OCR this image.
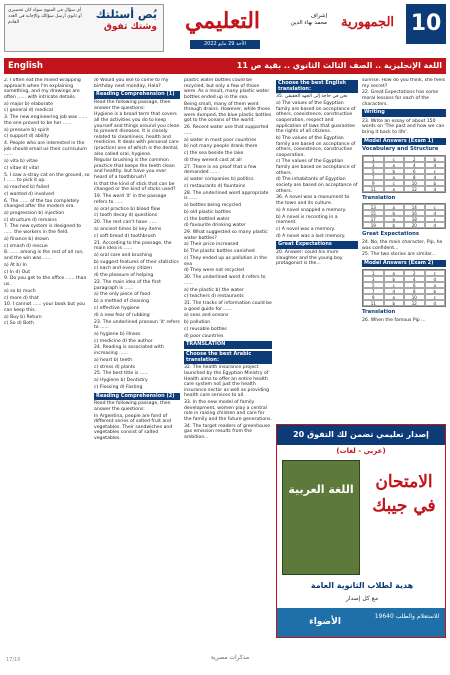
10
الجمهورية
إشراف
محمد بهاء الدين
التعليمي
الأحد 29 مايو 2022
بُص أسئلتك
وشتك تفوق
أي سؤال في المنهج سواء كان تحضيري أو ثانوي أرسل سؤالك والإجابة في العدد القادم
English	اللغة الإنجليزية .. الصف الثالث الثانوي .. بقية ص 11

2. I often eat the mixed wrapping approach when I'm explaining something, and my drawings are often ...... with intricate details.

a) major b) elaborate

c) general d) medical

3. The new engineering job was ...... the one proved to be her ......

a) pressure b) spirit

c) support d) ability

4. People who are interested in the job should email us their curriculum ......

a) vita b) vitae

c) vitae d) vital

5. I saw a stray cat on the ground, so I ...... to pick it up.

a) reached b) failed

c) wanted d) involved

6. The ...... of the tax completely changed after the modern era.

a) progression b) injection

c) structure d) remains

7. The new system is designed to ...... the workers in the field.

a) finance b) drown

c) smash d) rescue

8. ...... among is the rest of all run, and the win was ......

a) At b) In

c) In d) Out

9. Do you get to the office ...... than us.

a) so b) much

c) more d) that

10. I cannot ...... your book but you can keep this.

a) Buy b) Return

c) So d) Both

d) Would you like to come to my birthday next monday, Hala?

Reading Comprehension (1)

Read the following passage, then answer the questions:

Hygiene is a broad term that covers all the activities you do to keep yourself and things around you clean to prevent diseases. It is closely related to cleanliness, health and medicine. It deals with personal care (practice) one of which is the dental, also called oral, hygiene.

Regular brushing is the common practice that keeps the teeth clean and healthy, but have you ever heard of a toothbrush?

Is that the kind of stick that can be changed or the kind of sticks used?

19. The word 'it' in the passage refers to ......

a) oral practice b) blood flow

c) tooth decay d) questions

20. The rest can't have ......

a) ancient times b) key items

c) soft bread d) toothbrush

21. According to the passage, the main idea is ......

a) oral care and brushing

b) suggest features of their statistics

c) each and every citizen

d) the pleasure of helping

22. The main idea of the first paragraph is ......

a) the only piece of food

b) a method of cleaning

c) effective hygiene

d) a new fear of rubbing

23. The underlined pronoun 'it' refers to ......

a) hygiene b) illness

c) medicine d) the author

24. Reading is associated with increasing ......

a) heart b) teeth

c) stress d) plants

25. The best title is ......

a) Hygiene b) Dentistry

c) Flossing d) Fasting

Reading Comprehension (2)

Read the following passage, then answer the questions:

In Argentina, people are fond of different series of salted fruit and vegetables. Their sandwiches and vegetables consist of salted vegetables.

plastic water bottles could be recycled, but only a few of those were. As a result, many plastic water bottles ended up in the sea.

Being small, many of them went through drains. However, while those were dumped, the blue plastic bottles got to the oceans of the world.

26. Recent water use that supported ......

a) water in most poor countries

b) not many people drank there

c) the sea beside the lake

d) they werent cast at all

27. There is no proof that a few demanded ......

a) water companies b) politics

c) restaurants d) fountains

28. The underlined word appropriate is ......

a) bottles being recycled

b) old plastic bottles

c) the bottled water

d) favourite drinking water

29. What suggested so many plastic water bottles?

a) Their price increased

b) The plastic bottles vanished

c) They ended up as pollution in the sea

d) They were not recycled

30. The underlined word it refers to ......

a) the plastic b) the water

c) teachers d) restaurants

31. The tracks of information could be a good guide for ......

a) seas and oceans

b) pollution

c) reusable bottles

d) poor countries

TRANSLATION

Choose the best Arabic translation:

32. The health insurance project launched by the Egyptian Ministry of Health aims to offer an entire health care system not just the health insurance sector as well as providing health care services to all.

33. In the new model of family development, women play a central role in raising children and care for the family and the future generations.

34. The target readers of greenhouse gas emission results from the ambition...

Choose the best English translation:

35. نحن في حاجة إلى الجهد الحقيقي

a) The values of the Egyptian family are based on acceptance of others, coexistence, constructive cooperation, respect and application of laws that guarantee the rights of all citizens.

b) The values of the Egyptian family are based on acceptance of others, coexistence, constructive cooperation.

c) The values of the Egyptian family are based on acceptance of others.

d) The inhabitants of Egyptian society are based on acceptance of others.

36. A novel was a monument to the town and its culture.

a) A novel snapped a memory.

b) A novel is recording in a moment.

c) A novel was a memory.

d) A novel was a lost memory.

Great Expectations

20. Answer: could his mum slaughter and the young boy protagonist is the...

sunrise. How do you think, she feels my secret?

22. Great Expectations has some moral lessons for each of the characters.

Writing

23. Write an essay of about 150 words on 'The past and how we can bring it back to life'.

Model Answers (Exam 1)
Vocabulary and Structure
1	c	2	b
3	a	4	d
5	b	6	c
7	a	8	d
9	c	10	b
11	a	12	d
Translation
13	a	14	c
15	b	16	d
17	a	18	c
19	b	20	d
Great Expectations

24. No, the main character, Pip, he was confident...

25. The two stories are similar...

Model Answers (Exam 2)
1	a	2	c
3	b	4	d
5	c	6	a
7	d	8	b
9	a	10	c
11	b	12	d
Translation

26. When the famous Pip ...

20 إصدار تعليمي تضمن لك التفوق
(عربي - لغات)
اللغة العربية	الامتحان في جيبك
هدية لطلاب الثانوية العامة
مع كل إصدار
الأضواء
للاستعلام والطلب 19640
17/10	مذكرات مصرية
